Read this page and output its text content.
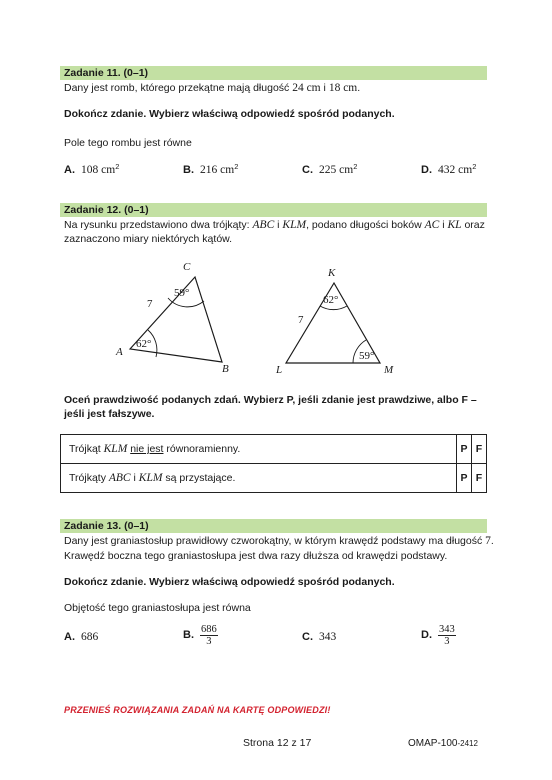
Zadanie 11. (0–1)
Dany jest romb, którego przekątne mają długość 24 cm i 18 cm.
Dokończ zdanie. Wybierz właściwą odpowiedź spośród podanych.
Pole tego rombu jest równe
A. 108 $cm^2$	B. 216 $cm^2$	C. 225 $cm^2$	D. 432 $cm^2$
Zadanie 12. (0–1)
Na rysunku przedstawiono dwa trójkąty: ABC i KLM, podano długości boków AC i KL oraz
zaznaczono miary niektórych kątów.
C
A
B
K
L	M
7
7
62°
59°
62°
59°
Oceń prawdziwość podanych zdań. Wybierz P, jeśli zdanie jest prawdziwe, albo F –
jeśli jest fałszywe.
Trójkąt KLM nie jest równoramienny.	P	F
Trójkąty ABC i KLM są przystające.	P	F
Zadanie 13. (0–1)
Dany jest graniastosłup prawidłowy czworokątny, w którym krawędź podstawy ma długość 7.
Krawędź boczna tego graniastosłupa jest dwa razy dłuższa od krawędzi podstawy.
Dokończ zdanie. Wybierz właściwą odpowiedź spośród podanych.
Objętość tego graniastosłupa jest równa
A. 686	B. $\frac{686}{3}$	C. 343	D. $\frac{343}{3}$
PRZENIEŚ ROZWIĄZANIA ZADAŃ NA KARTĘ ODPOWIEDZI!
Strona 12 z 17	OMAP-100-2412
